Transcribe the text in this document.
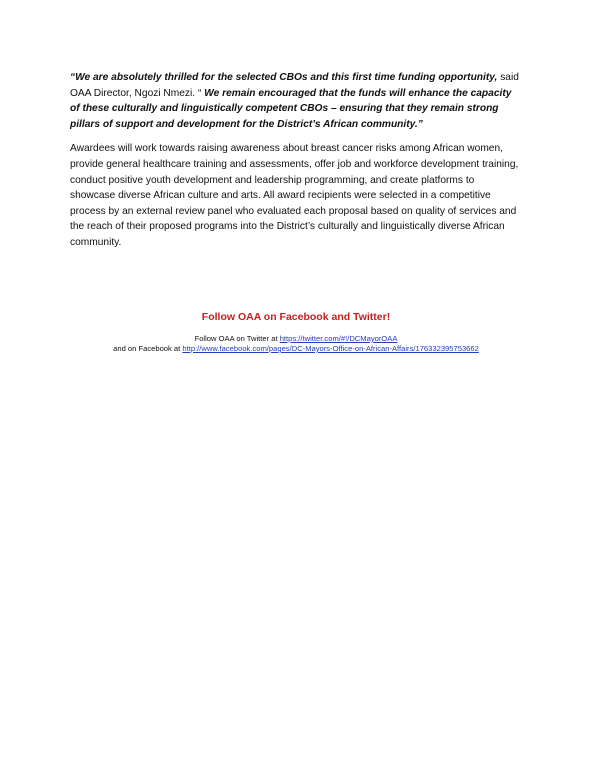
“We are absolutely thrilled for the selected CBOs and this first time funding opportunity, said OAA Director, Ngozi Nmezi. “ We remain encouraged that the funds will enhance the capacity of these culturally and linguistically competent CBOs – ensuring that they remain strong pillars of support and development for the District’s African community.”

Awardees will work towards raising awareness about breast cancer risks among African women, provide general healthcare training and assessments, offer job and workforce development training, conduct positive youth development and leadership programming, and create platforms to showcase diverse African culture and arts. All award recipients were selected in a competitive process by an external review panel who evaluated each proposal based on quality of services and the reach of their proposed programs into the District’s culturally and linguistically diverse African community.

Follow OAA on Facebook and Twitter!

Follow OAA on Twitter at https://twitter.com/#!/DCMayorOAA

and on Facebook at http://www.facebook.com/pages/DC-Mayors-Office-on-African-Affairs/176332395753662
